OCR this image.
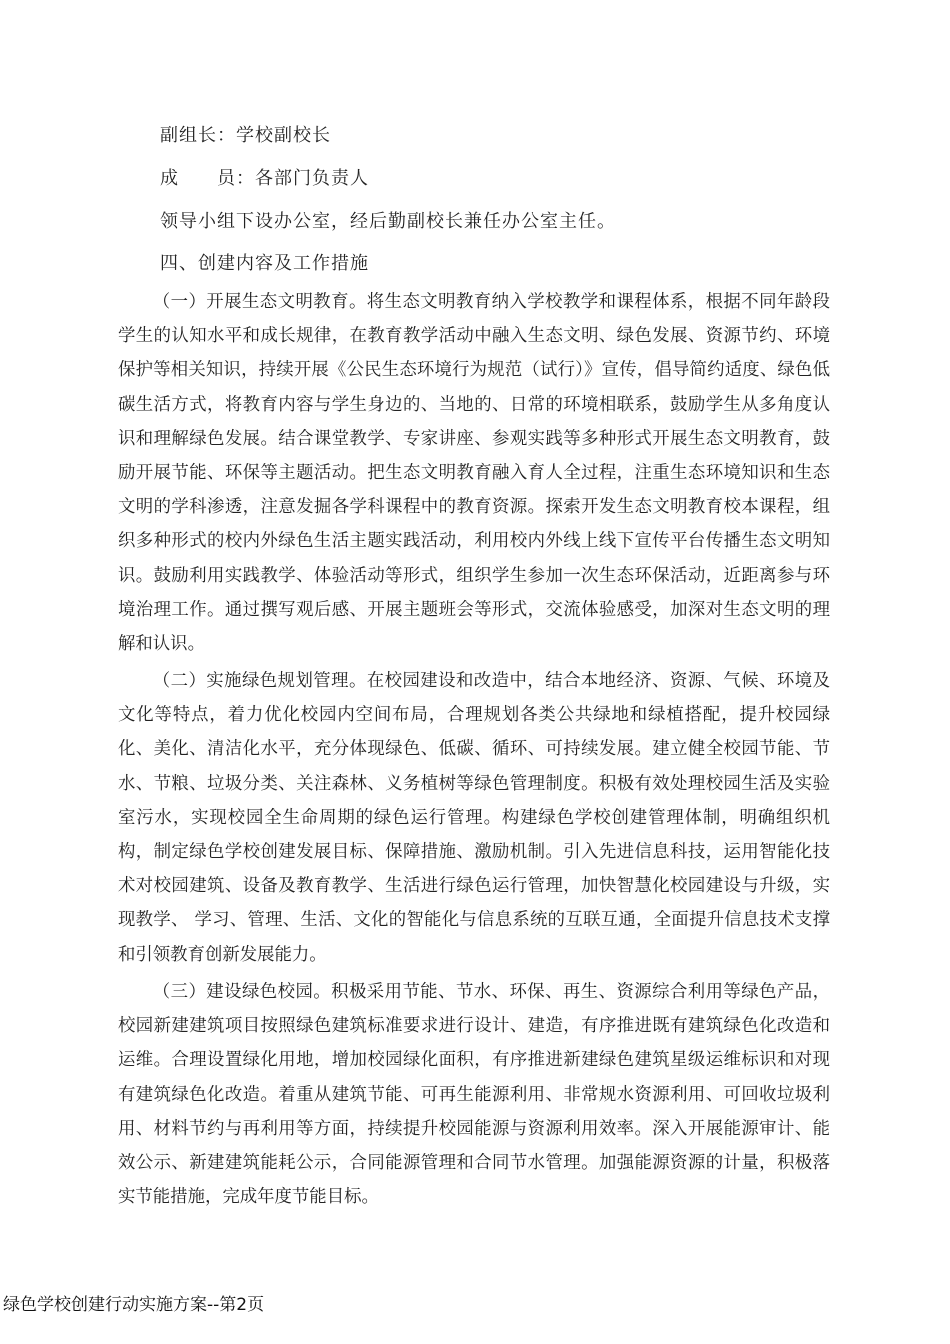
副组长：学校副校长
成　　员：各部门负责人
领导小组下设办公室，经后勤副校长兼任办公室主任。
四、创建内容及工作措施
（一）开展生态文明教育。将生态文明教育纳入学校教学和课程体系，根据不同年龄段学生的认知水平和成长规律，在教育教学活动中融入生态文明、绿色发展、资源节约、环境保护等相关知识，持续开展《公民生态环境行为规范（试行）》宣传，倡导简约适度、绿色低碳生活方式，将教育内容与学生身边的、当地的、日常的环境相联系，鼓励学生从多角度认识和理解绿色发展。结合课堂教学、专家讲座、参观实践等多种形式开展生态文明教育，鼓励开展节能、环保等主题活动。把生态文明教育融入育人全过程，注重生态环境知识和生态文明的学科渗透，注意发掘各学科课程中的教育资源。探索开发生态文明教育校本课程，组织多种形式的校内外绿色生活主题实践活动，利用校内外线上线下宣传平台传播生态文明知识。鼓励利用实践教学、体验活动等形式，组织学生参加一次生态环保活动，近距离参与环境治理工作。通过撰写观后感、开展主题班会等形式，交流体验感受，加深对生态文明的理解和认识。
（二）实施绿色规划管理。在校园建设和改造中，结合本地经济、资源、气候、环境及文化等特点，着力优化校园内空间布局，合理规划各类公共绿地和绿植搭配，提升校园绿化、美化、清洁化水平，充分体现绿色、低碳、循环、可持续发展。建立健全校园节能、节水、节粮、垃圾分类、关注森林、义务植树等绿色管理制度。积极有效处理校园生活及实验室污水，实现校园全生命周期的绿色运行管理。构建绿色学校创建管理体制，明确组织机构，制定绿色学校创建发展目标、保障措施、激励机制。引入先进信息科技，运用智能化技术对校园建筑、设备及教育教学、生活进行绿色运行管理，加快智慧化校园建设与升级，实现教学、 学习、管理、生活、文化的智能化与信息系统的互联互通，全面提升信息技术支撑和引领教育创新发展能力。
（三）建设绿色校园。积极采用节能、节水、环保、再生、资源综合利用等绿色产品，校园新建建筑项目按照绿色建筑标准要求进行设计、建造，有序推进既有建筑绿色化改造和运维。合理设置绿化用地，增加校园绿化面积，有序推进新建绿色建筑星级运维标识和对现有建筑绿色化改造。着重从建筑节能、可再生能源利用、非常规水资源利用、可回收垃圾利用、材料节约与再利用等方面，持续提升校园能源与资源利用效率。深入开展能源审计、能效公示、新建建筑能耗公示，合同能源管理和合同节水管理。加强能源资源的计量，积极落实节能措施，完成年度节能目标。
绿色学校创建行动实施方案--第2页
